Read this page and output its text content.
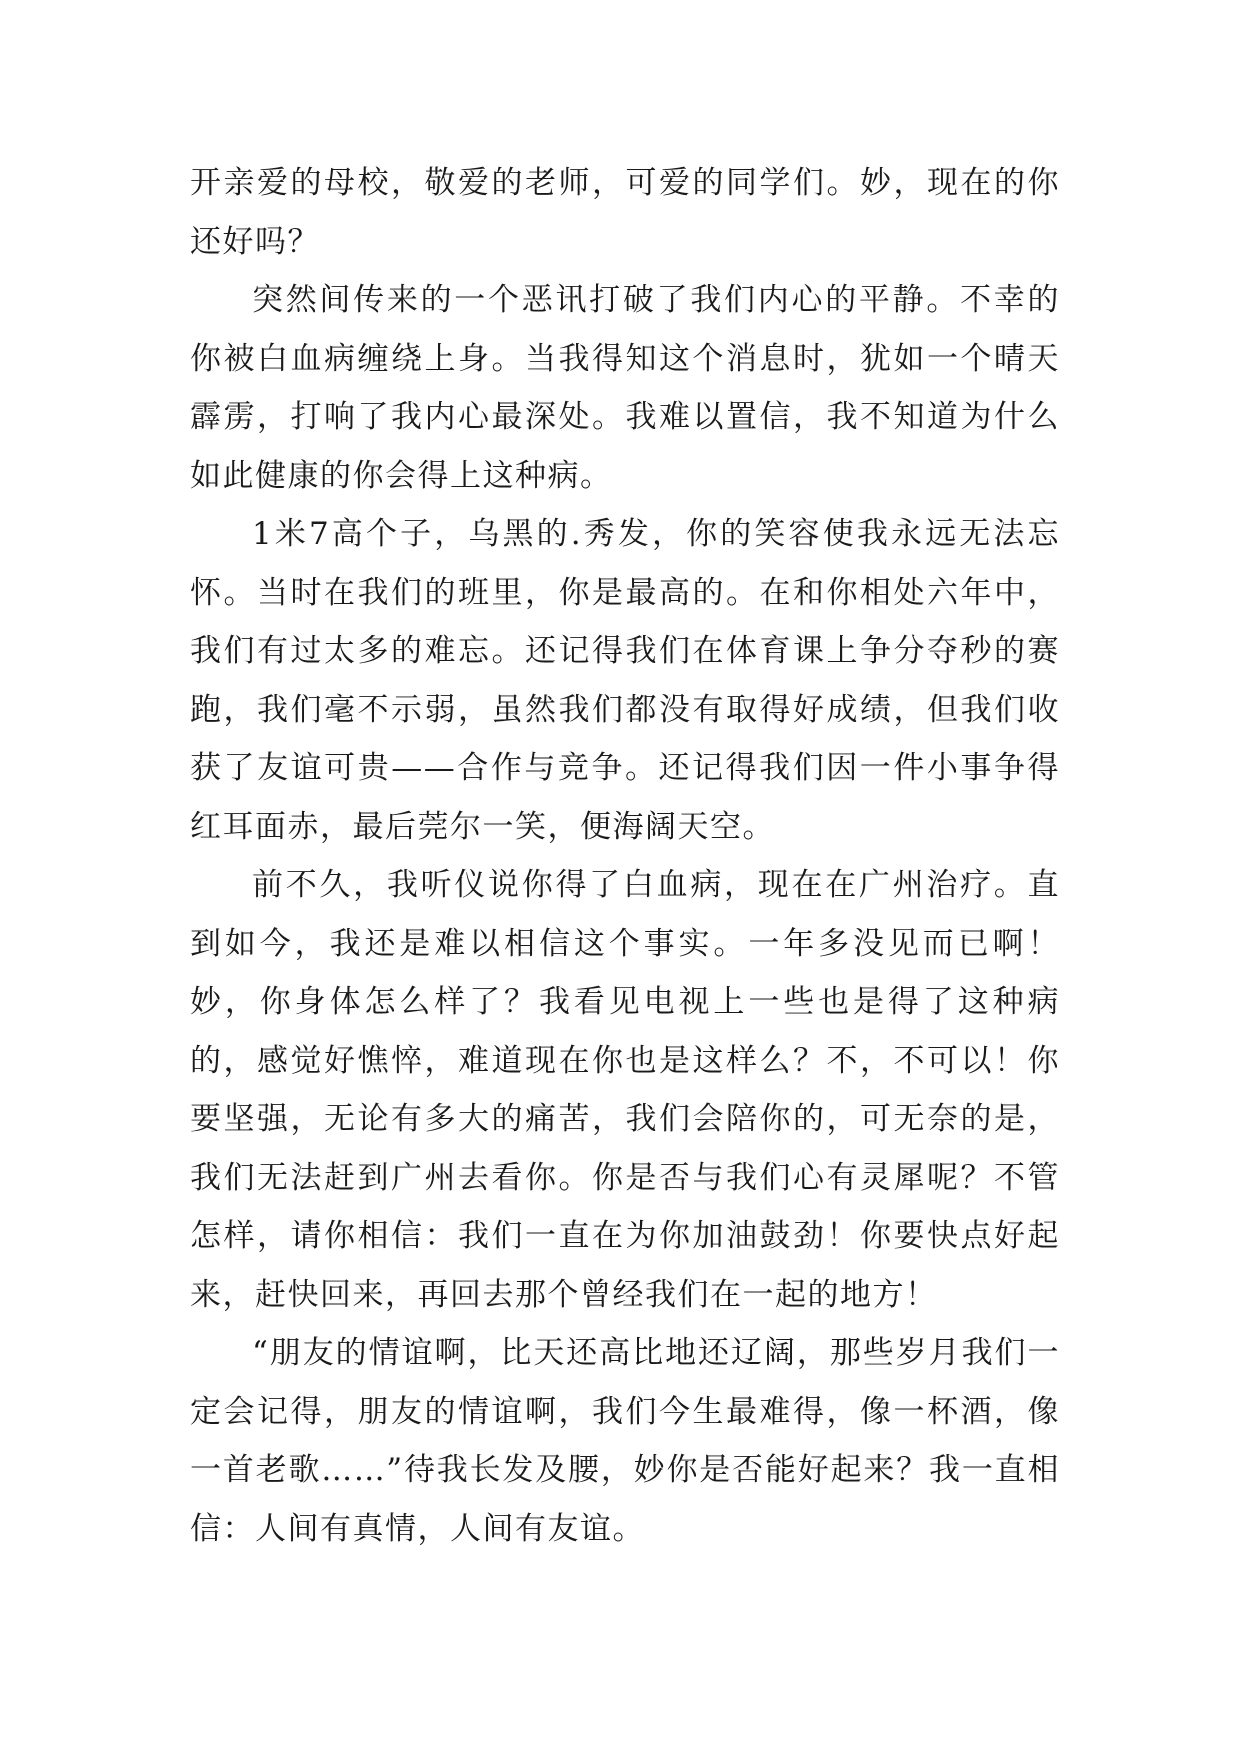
开亲爱的母校，敬爱的老师，可爱的同学们。妙，现在的你还好吗？

突然间传来的一个恶讯打破了我们内心的平静。不幸的你被白血病缠绕上身。当我得知这个消息时，犹如一个晴天霹雳，打响了我内心最深处。我难以置信，我不知道为什么如此健康的你会得上这种病。

1米7高个子，乌黑的.秀发，你的笑容使我永远无法忘怀。当时在我们的班里，你是最高的。在和你相处六年中，我们有过太多的难忘。还记得我们在体育课上争分夺秒的赛跑，我们毫不示弱，虽然我们都没有取得好成绩，但我们收获了友谊可贵——合作与竞争。还记得我们因一件小事争得红耳面赤，最后莞尔一笑，便海阔天空。

前不久，我听仪说你得了白血病，现在在广州治疗。直到如今，我还是难以相信这个事实。一年多没见而已啊！妙，你身体怎么样了？我看见电视上一些也是得了这种病的，感觉好憔悴，难道现在你也是这样么？不，不可以！你要坚强，无论有多大的痛苦，我们会陪你的，可无奈的是，我们无法赶到广州去看你。你是否与我们心有灵犀呢？不管怎样，请你相信：我们一直在为你加油鼓劲！你要快点好起来，赶快回来，再回去那个曾经我们在一起的地方！

“朋友的情谊啊，比天还高比地还辽阔，那些岁月我们一定会记得，朋友的情谊啊，我们今生最难得，像一杯酒，像一首老歌……”待我长发及腰，妙你是否能好起来？我一直相信：人间有真情，人间有友谊。
